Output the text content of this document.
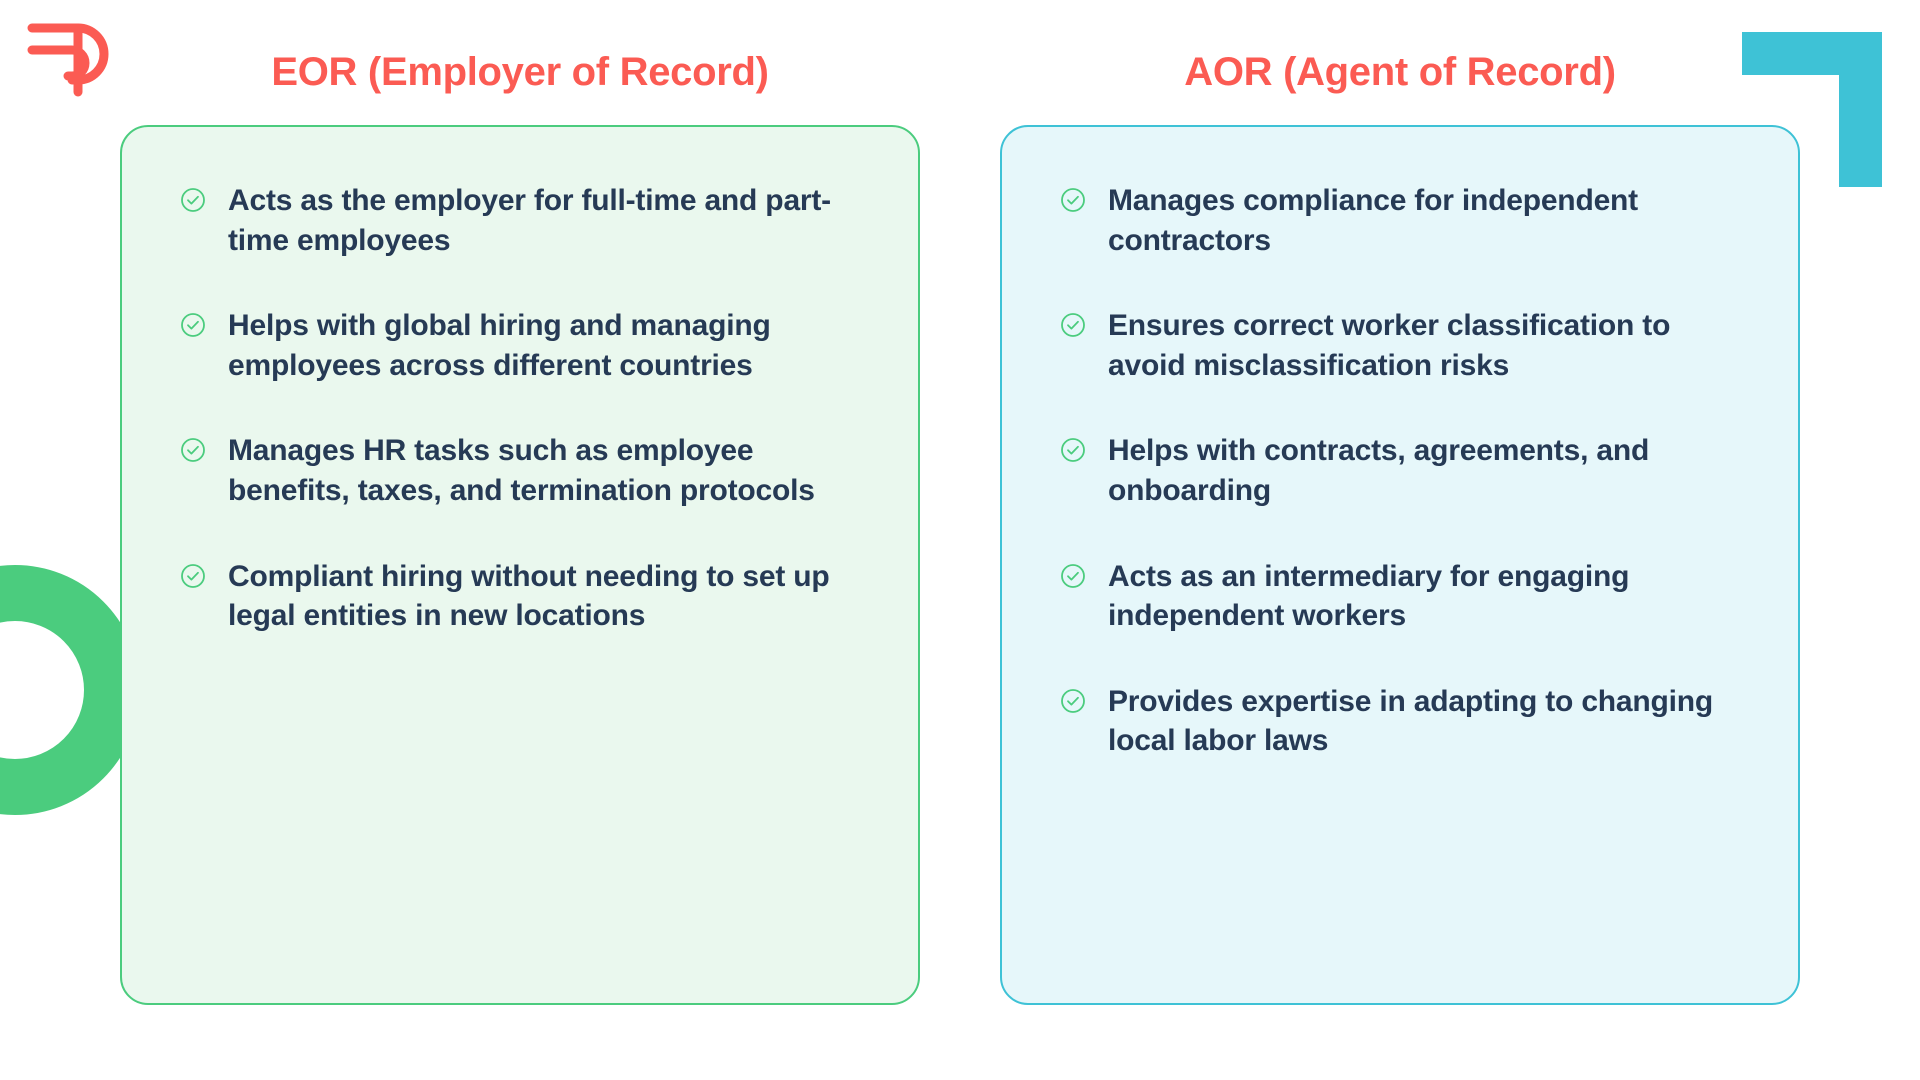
EOR (Employer of Record)
Acts as the employer for full-time and part-time employees
Helps with global hiring and managing employees across different countries
Manages HR tasks such as employee benefits, taxes, and termination protocols
Compliant hiring without needing to set up legal entities in new locations
AOR (Agent of Record)
Manages compliance for independent contractors
Ensures correct worker classification to avoid misclassification risks
Helps with contracts, agreements, and onboarding
Acts as an intermediary for engaging independent workers
Provides expertise in adapting to changing local labor laws
